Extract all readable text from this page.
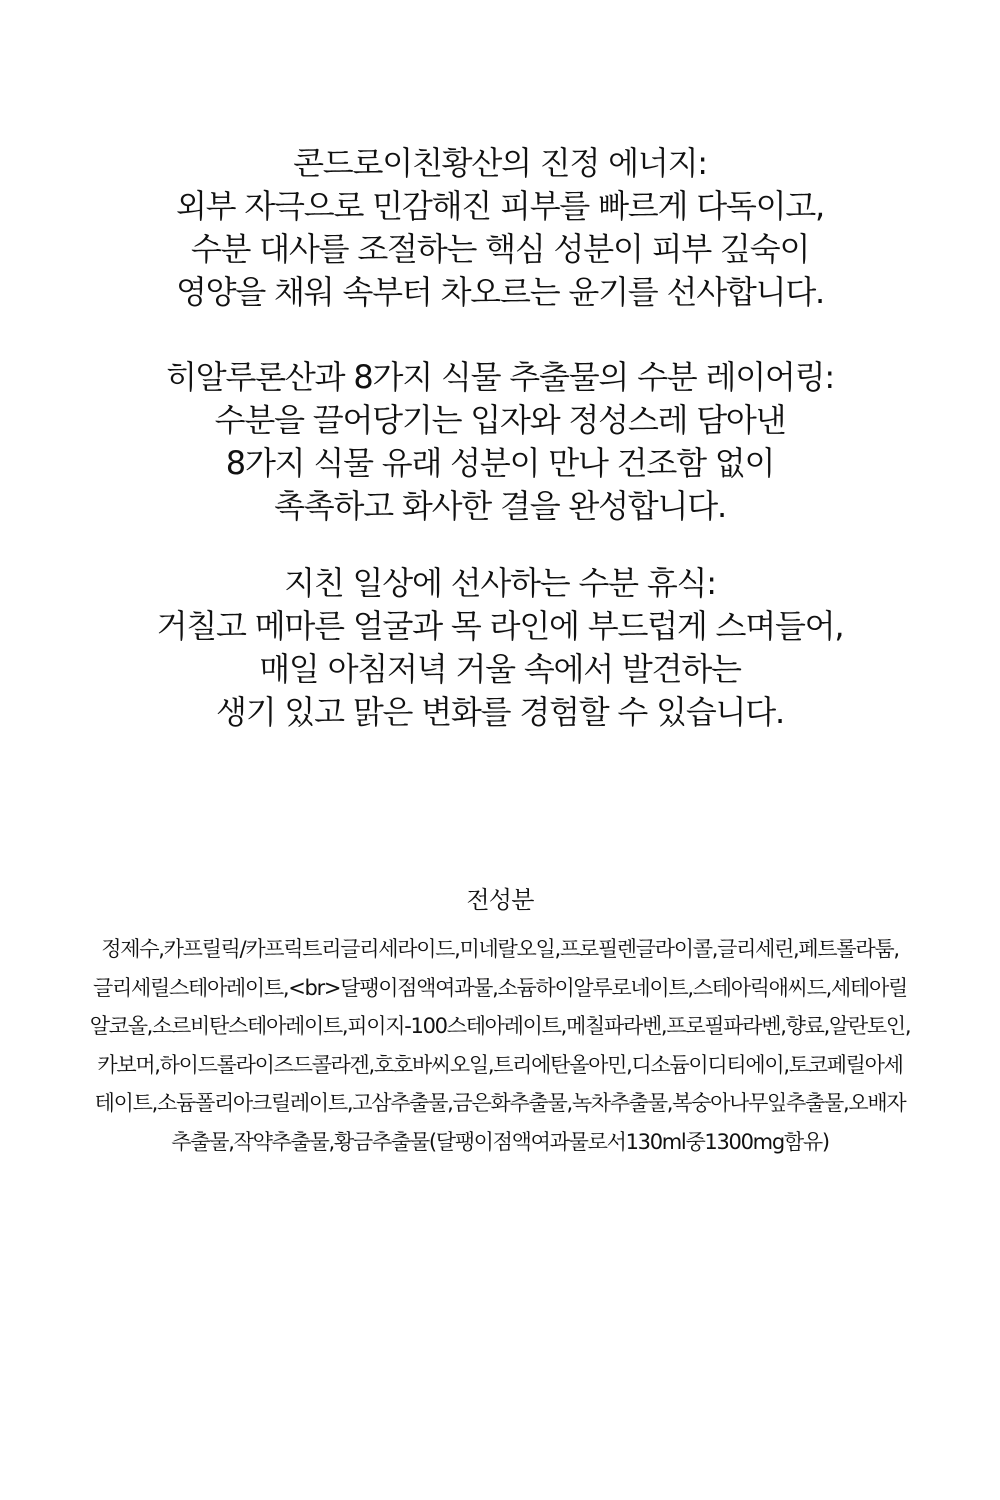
콘드로이친황산의 진정 에너지:
외부 자극으로 민감해진 피부를 빠르게 다독이고,
수분 대사를 조절하는 핵심 성분이 피부 깊숙이
영양을 채워 속부터 차오르는 윤기를 선사합니다.
히알루론산과 8가지 식물 추출물의 수분 레이어링:
수분을 끌어당기는 입자와 정성스레 담아낸
8가지 식물 유래 성분이 만나 건조함 없이
촉촉하고 화사한 결을 완성합니다.
지친 일상에 선사하는 수분 휴식:
거칠고 메마른 얼굴과 목 라인에 부드럽게 스며들어,
매일 아침저녁 거울 속에서 발견하는
생기 있고 맑은 변화를 경험할 수 있습니다.
전성분
정제수,카프릴릭/카프릭트리글리세라이드,미네랄오일,프로필렌글라이콜,글리세린,페트롤라툼,
글리세릴스테아레이트,<br>달팽이점액여과물,소듐하이알루로네이트,스테아릭애씨드,세테아릴
알코올,소르비탄스테아레이트,피이지-100스테아레이트,메칠파라벤,프로필파라벤,향료,알란토인,
카보머,하이드롤라이즈드콜라겐,호호바씨오일,트리에탄올아민,디소듐이디티에이,토코페릴아세
테이트,소듐폴리아크릴레이트,고삼추출물,금은화추출물,녹차추출물,복숭아나무잎추출물,오배자
추출물,작약추출물,황금추출물(달팽이점액여과물로서130ml중1300mg함유)
